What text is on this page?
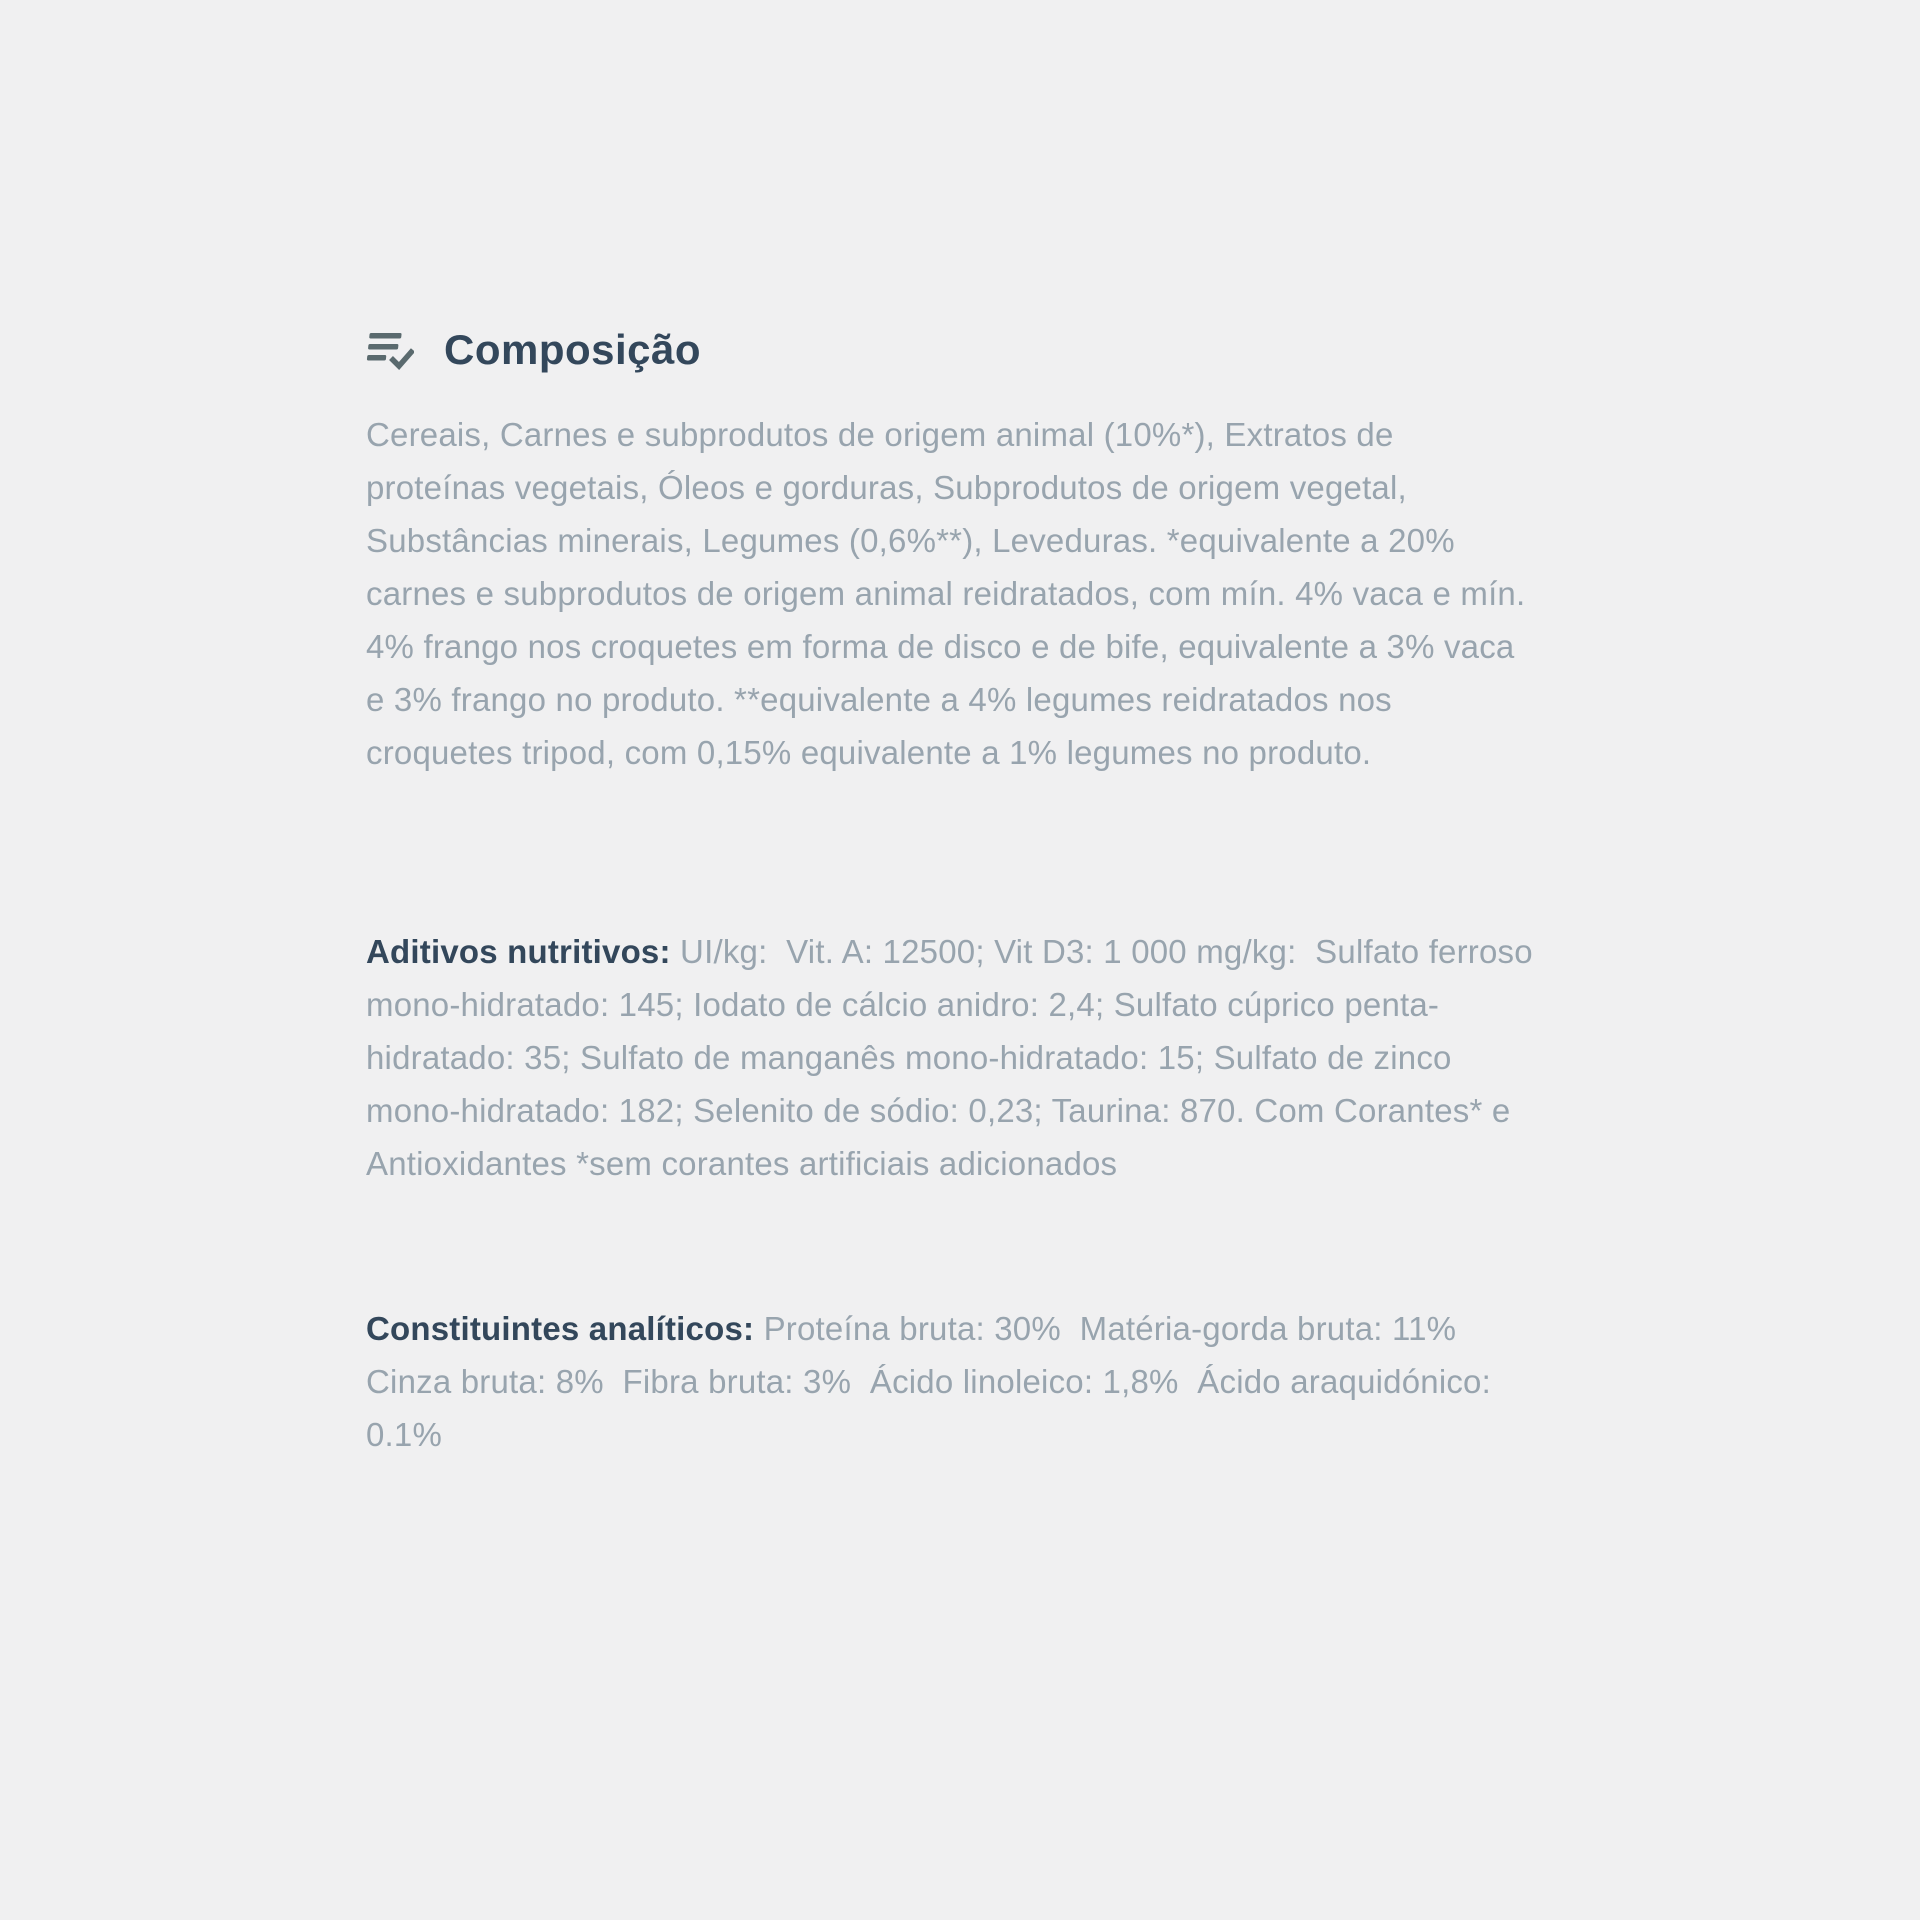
Composição
Cereais, Carnes e subprodutos de origem animal (10%*), Extratos de proteínas vegetais, Óleos e gorduras, Subprodutos de origem vegetal, Substâncias minerais, Legumes (0,6%**), Leveduras. *equivalente a 20% carnes e subprodutos de origem animal reidratados, com mín. 4% vaca e mín. 4% frango nos croquetes em forma de disco e de bife, equivalente a 3% vaca e 3% frango no produto. **equivalente a 4% legumes reidratados nos croquetes tripod, com 0,15% equivalente a 1% legumes no produto.
Aditivos nutritivos: UI/kg:  Vit. A: 12500; Vit D3: 1 000 mg/kg:  Sulfato ferroso mono-hidratado: 145; Iodato de cálcio anidro: 2,4; Sulfato cúprico penta-hidratado: 35; Sulfato de manganês mono-hidratado: 15; Sulfato de zinco mono-hidratado: 182; Selenito de sódio: 0,23; Taurina: 870. Com Corantes* e Antioxidantes *sem corantes artificiais adicionados
Constituintes analíticos: Proteína bruta: 30%  Matéria-gorda bruta: 11%  Cinza bruta: 8%  Fibra bruta: 3%  Ácido linoleico: 1,8%  Ácido araquidónico: 0.1%
